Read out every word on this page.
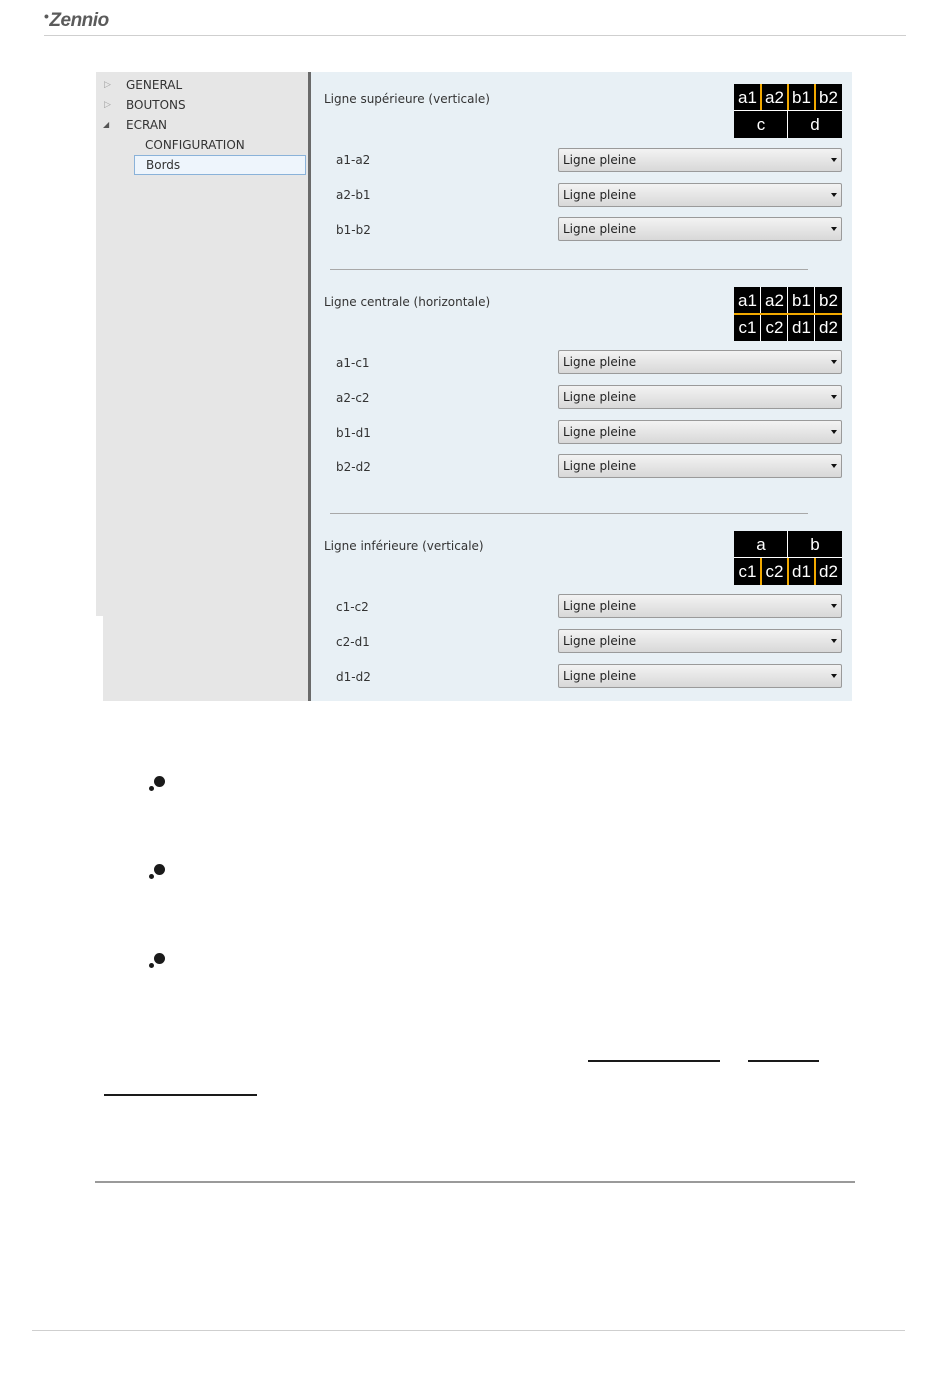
•Zennio
▷ GENERAL
▷ BOUTONS
◢ ECRAN
CONFIGURATION
Bords
Ligne supérieure (verticale)	a1 a2 b1 b2
c	d
a1-a2	Ligne pleine
a2-b1	Ligne pleine
b1-b2	Ligne pleine
Ligne centrale (horizontale)	a1 a2 b1 b2
c1 c2 d1 d2
a1-c1	Ligne pleine
a2-c2	Ligne pleine
b1-d1	Ligne pleine
b2-d2	Ligne pleine
Ligne inférieure (verticale)	a	b
c1 c2 d1 d2
c1-c2	Ligne pleine
c2-d1	Ligne pleine
d1-d2	Ligne pleine
